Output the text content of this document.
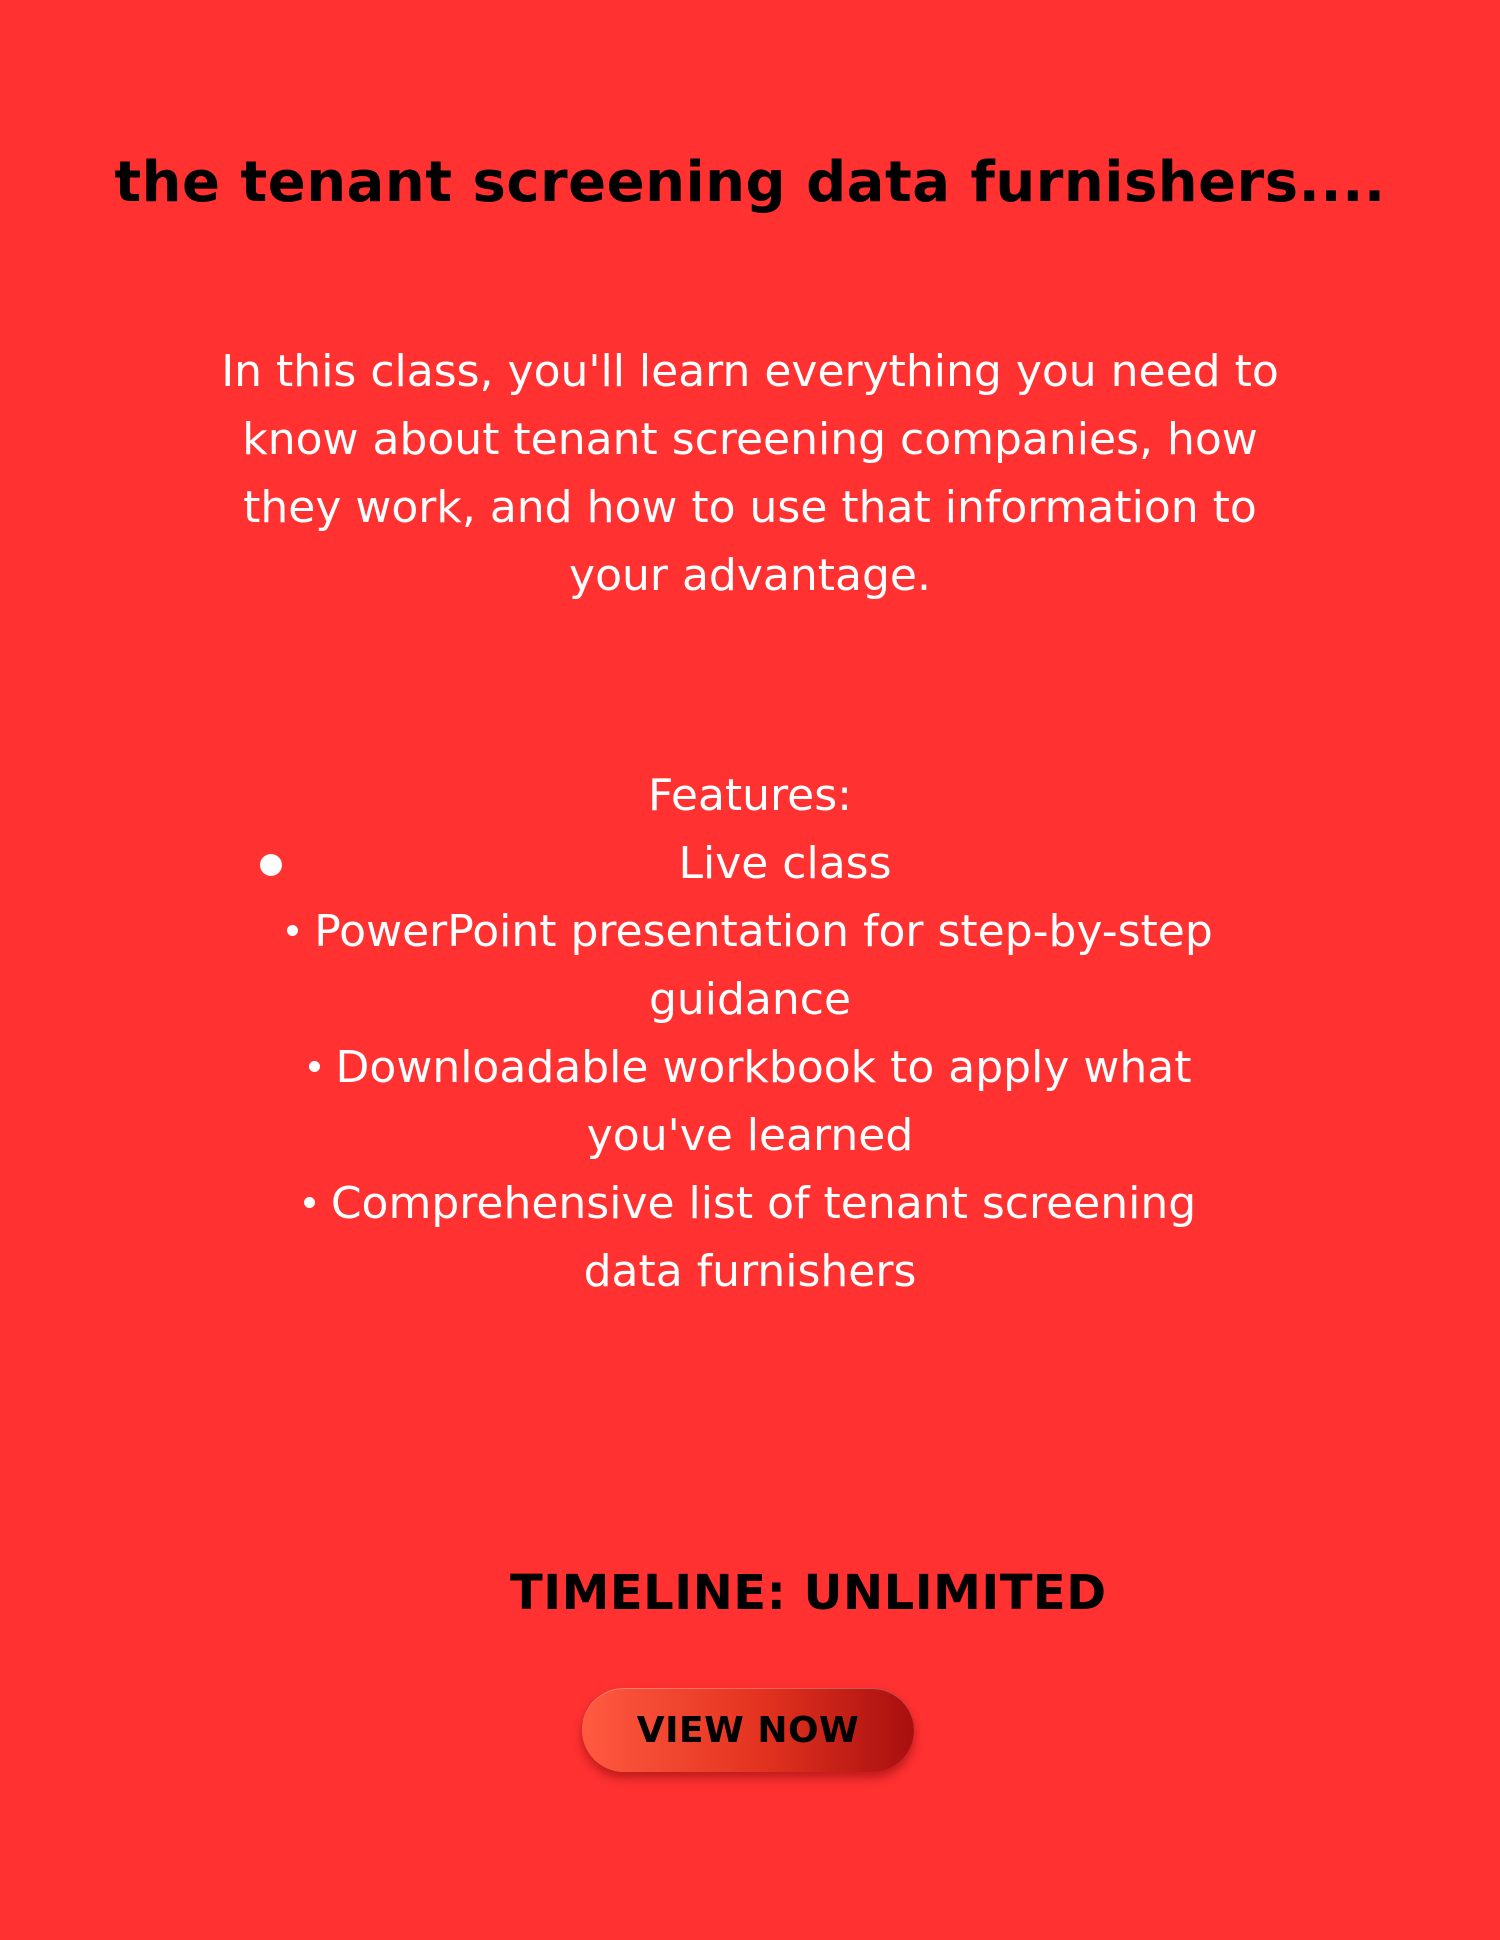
the tenant screening data furnishers....

In this class, you'll learn everything you need to know about tenant screening companies, how they work, and how to use that information to your advantage.

Features:

Live class
PowerPoint presentation for step-by-step guidance
Downloadable workbook to apply what you've learned
Comprehensive list of tenant screening data furnishers

TIMELINE: UNLIMITED

VIEW NOW
